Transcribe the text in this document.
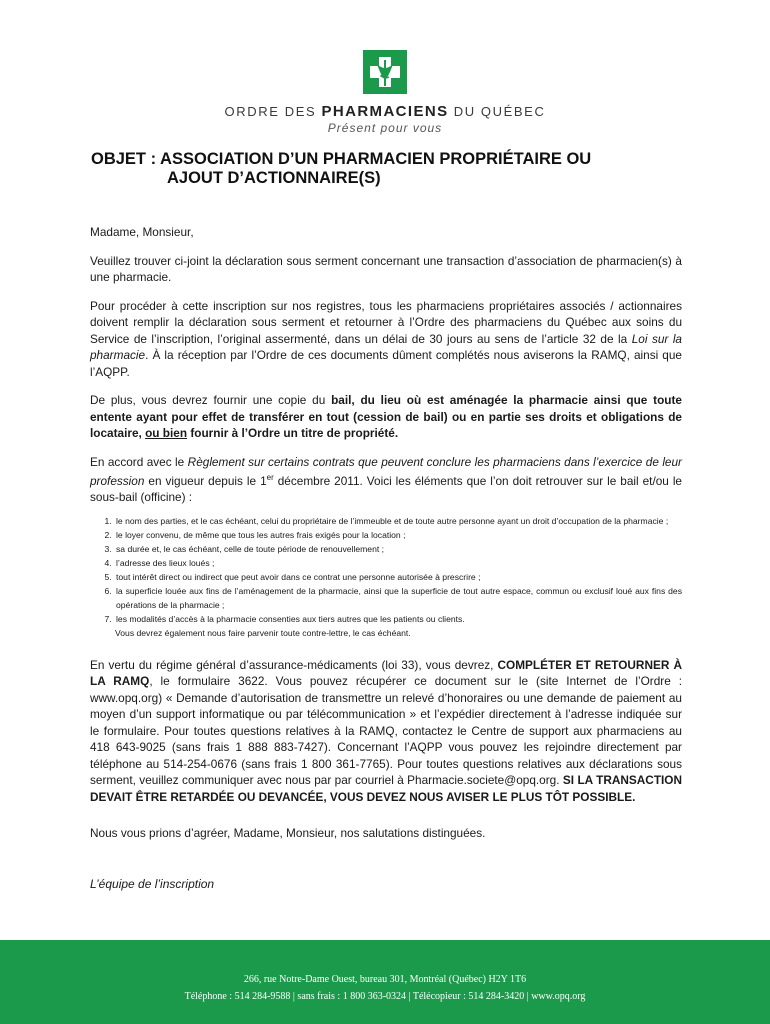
ORDRE DES PHARMACIENS DU QUÉBEC
Présent pour vous
OBJET : ASSOCIATION D’UN PHARMACIEN PROPRIÉTAIRE OU
AJOUT D’ACTIONNAIRE(S)

Madame, Monsieur,

Veuillez trouver ci-joint la déclaration sous serment concernant une transaction d’association de pharmacien(s) à une pharmacie.

Pour procéder à cette inscription sur nos registres, tous les pharmaciens propriétaires associés / actionnaires doivent remplir la déclaration sous serment et retourner à l’Ordre des pharmaciens du Québec aux soins du Service de l’inscription, l’original assermenté, dans un délai de 30 jours au sens de l’article 32 de la Loi sur la pharmacie. À la réception par l’Ordre de ces documents dûment complétés nous aviserons la RAMQ, ainsi que l’AQPP.

De plus, vous devrez fournir une copie du bail, du lieu où est aménagée la pharmacie ainsi que toute entente ayant pour effet de transférer en tout (cession de bail) ou en partie ses droits et obligations de locataire, ou bien fournir à l’Ordre un titre de propriété.

En accord avec le Règlement sur certains contrats que peuvent conclure les pharmaciens dans l’exercice de leur profession en vigueur depuis le 1er décembre 2011. Voici les éléments que l’on doit retrouver sur le bail et/ou le sous-bail (officine) :

1. le nom des parties, et le cas échéant, celui du propriétaire de l’immeuble et de toute autre personne ayant un droit d’occupation de la pharmacie ;
2. le loyer convenu, de même que tous les autres frais exigés pour la location ;
3. sa durée et, le cas échéant, celle de toute période de renouvellement ;
4. l’adresse des lieux loués ;
5. tout intérêt direct ou indirect que peut avoir dans ce contrat une personne autorisée à prescrire ;
6. la superficie louée aux fins de l’aménagement de la pharmacie, ainsi que la superficie de tout autre espace, commun ou exclusif loué aux fins des opérations de la pharmacie ;
7. les modalités d’accès à la pharmacie consenties aux tiers autres que les patients ou clients.
Vous devrez également nous faire parvenir toute contre-lettre, le cas échéant.

En vertu du régime général d’assurance-médicaments (loi 33), vous devrez, COMPLÉTER ET RETOURNER À LA RAMQ, le formulaire 3622. Vous pouvez récupérer ce document sur le (site Internet de l’Ordre : www.opq.org) « Demande d’autorisation de transmettre un relevé d’honoraires ou une demande de paiement au moyen d’un support informatique ou par télécommunication » et l’expédier directement à l’adresse indiquée sur le formulaire. Pour toutes questions relatives à la RAMQ, contactez le Centre de support aux pharmaciens au 418 643-9025 (sans frais 1 888 883-7427). Concernant l’AQPP vous pouvez les rejoindre directement par téléphone au 514-254-0676 (sans frais 1 800 361-7765). Pour toutes questions relatives aux déclarations sous serment, veuillez communiquer avec nous par par courriel à Pharmacie.societe@opq.org. SI LA TRANSACTION DEVAIT ÊTRE RETARDÉE OU DEVANCÉE, VOUS DEVEZ NOUS AVISER LE PLUS TÔT POSSIBLE.

Nous vous prions d’agréer, Madame, Monsieur, nos salutations distinguées.
L’équipe de l’inscription
266, rue Notre-Dame Ouest, bureau 301, Montréal (Québec) H2Y 1T6
Téléphone : 514 284-9588 | sans frais : 1 800 363-0324 | Télécopieur : 514 284-3420 | www.opq.org
